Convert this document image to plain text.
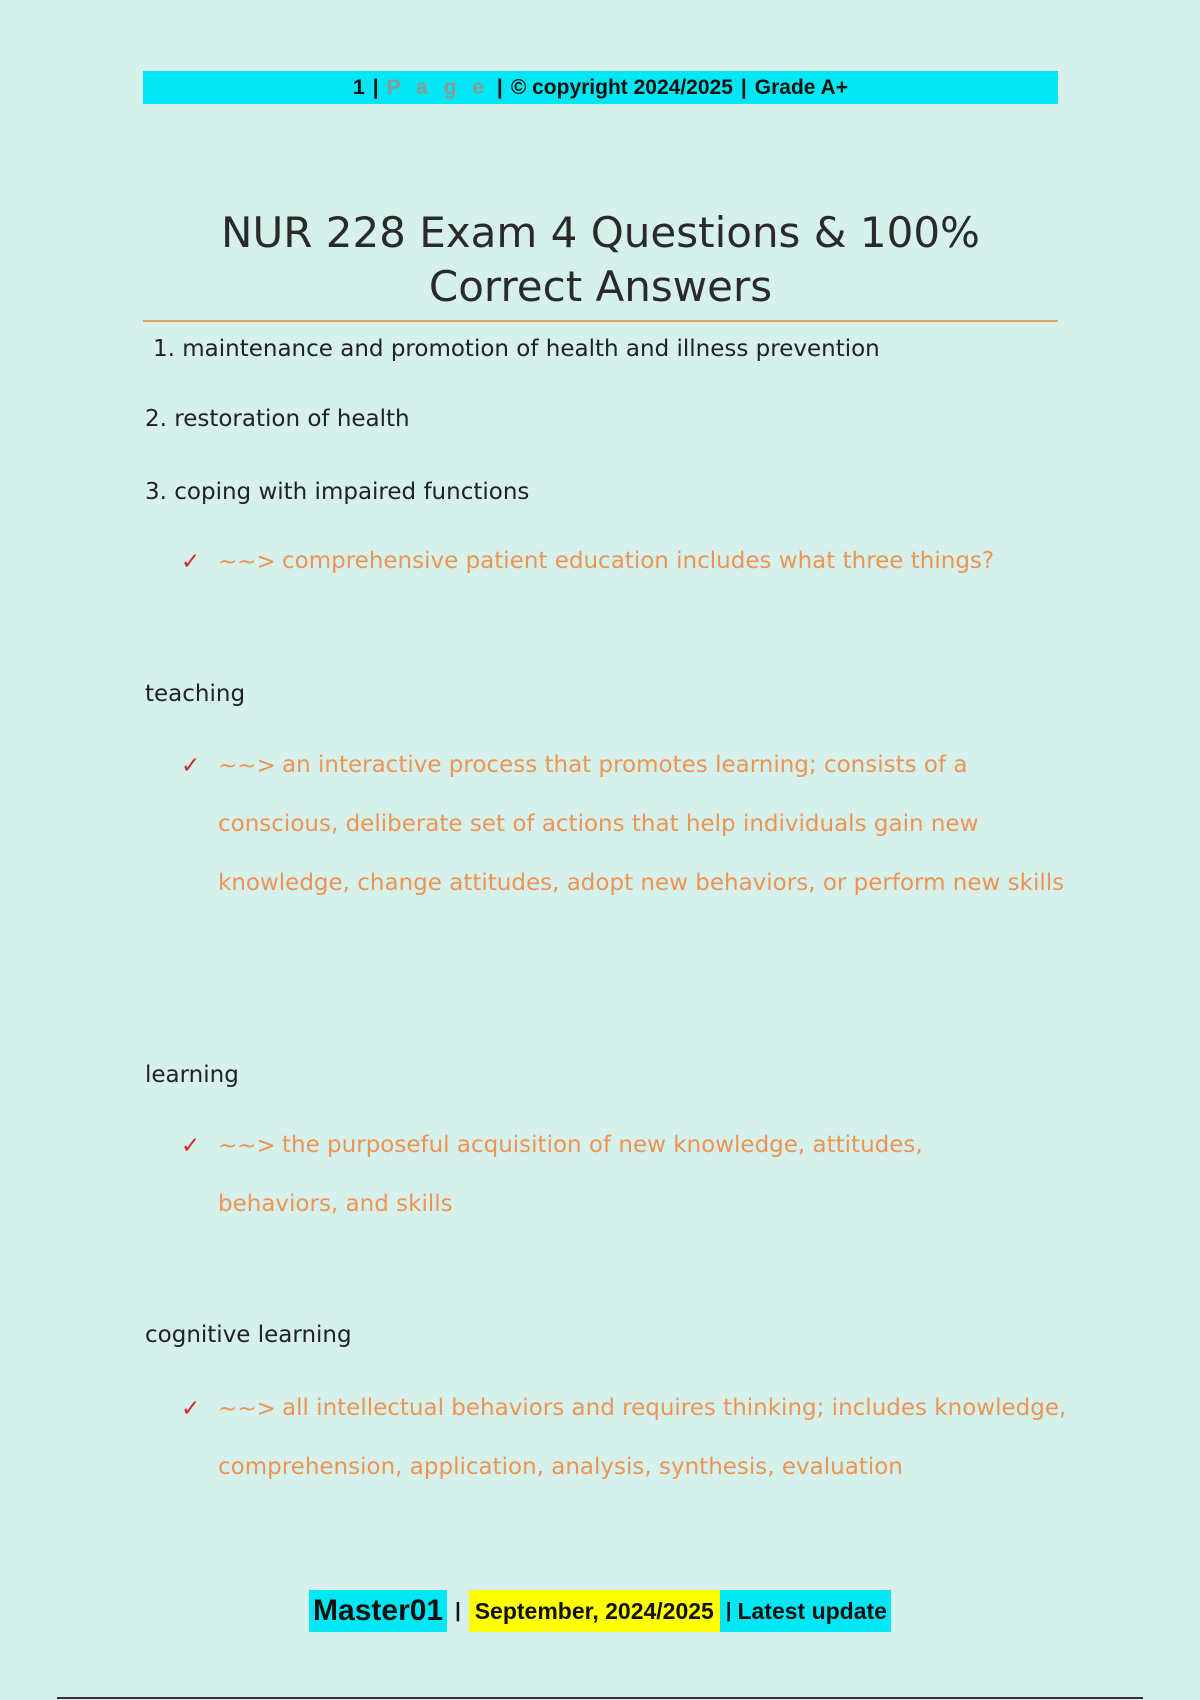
1 | P a g e | © copyright 2024/2025 | Grade A+
NUR 228 Exam 4 Questions & 100% Correct Answers
1. maintenance and promotion of health and illness prevention
2. restoration of health
3. coping with impaired functions
✓ ~~> comprehensive patient education includes what three things?
teaching
✓ ~~> an interactive process that promotes learning; consists of a conscious, deliberate set of actions that help individuals gain new knowledge, change attitudes, adopt new behaviors, or perform new skills
learning
✓ ~~> the purposeful acquisition of new knowledge, attitudes, behaviors, and skills
cognitive learning
✓ ~~> all intellectual behaviors and requires thinking; includes knowledge, comprehension, application, analysis, synthesis, evaluation
Master01 | September, 2024/2025 | Latest update
